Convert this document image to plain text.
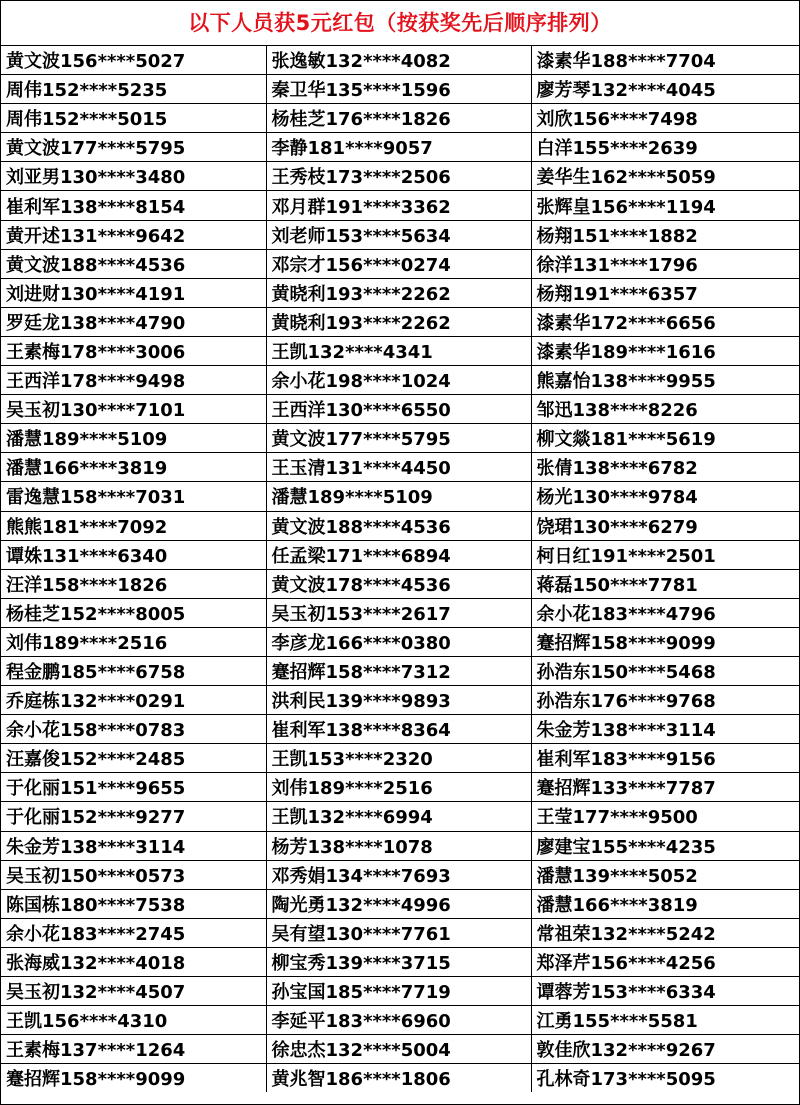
以下人员获5元红包（按获奖先后顺序排列）
黄文波156****5027	张逸敏132****4082	漆素华188****7704
周伟152****5235	秦卫华135****1596	廖芳琴132****4045
周伟152****5015	杨桂芝176****1826	刘欣156****7498
黄文波177****5795	李静181****9057	白洋155****2639
刘亚男130****3480	王秀枝173****2506	姜华生162****5059
崔利军138****8154	邓月群191****3362	张辉皇156****1194
黄开述131****9642	刘老师153****5634	杨翔151****1882
黄文波188****4536	邓宗才156****0274	徐洋131****1796
刘进财130****4191	黄晓利193****2262	杨翔191****6357
罗廷龙138****4790	黄晓利193****2262	漆素华172****6656
王素梅178****3006	王凯132****4341	漆素华189****1616
王西洋178****9498	余小花198****1024	熊嘉怡138****9955
吴玉初130****7101	王西洋130****6550	邹迅138****8226
潘慧189****5109	黄文波177****5795	柳文燚181****5619
潘慧166****3819	王玉清131****4450	张倩138****6782
雷逸慧158****7031	潘慧189****5109	杨光130****9784
熊熊181****7092	黄文波188****4536	饶珺130****6279
谭姝131****6340	任孟梁171****6894	柯日红191****2501
汪洋158****1826	黄文波178****4536	蒋磊150****7781
杨桂芝152****8005	吴玉初153****2617	余小花183****4796
刘伟189****2516	李彦龙166****0380	蹇招辉158****9099
程金鹏185****6758	蹇招辉158****7312	孙浩东150****5468
乔庭栋132****0291	洪利民139****9893	孙浩东176****9768
余小花158****0783	崔利军138****8364	朱金芳138****3114
汪嘉俊152****2485	王凯153****2320	崔利军183****9156
于化丽151****9655	刘伟189****2516	蹇招辉133****7787
于化丽152****9277	王凯132****6994	王莹177****9500
朱金芳138****3114	杨芳138****1078	廖建宝155****4235
吴玉初150****0573	邓秀娟134****7693	潘慧139****5052
陈国栋180****7538	陶光勇132****4996	潘慧166****3819
余小花183****2745	吴有望130****7761	常祖荣132****5242
张海威132****4018	柳宝秀139****3715	郑泽芹156****4256
吴玉初132****4507	孙宝国185****7719	谭蓉芳153****6334
王凯156****4310	李延平183****6960	江勇155****5581
王素梅137****1264	徐忠杰132****5004	敦佳欣132****9267
蹇招辉158****9099	黄兆智186****1806	孔林奇173****5095
